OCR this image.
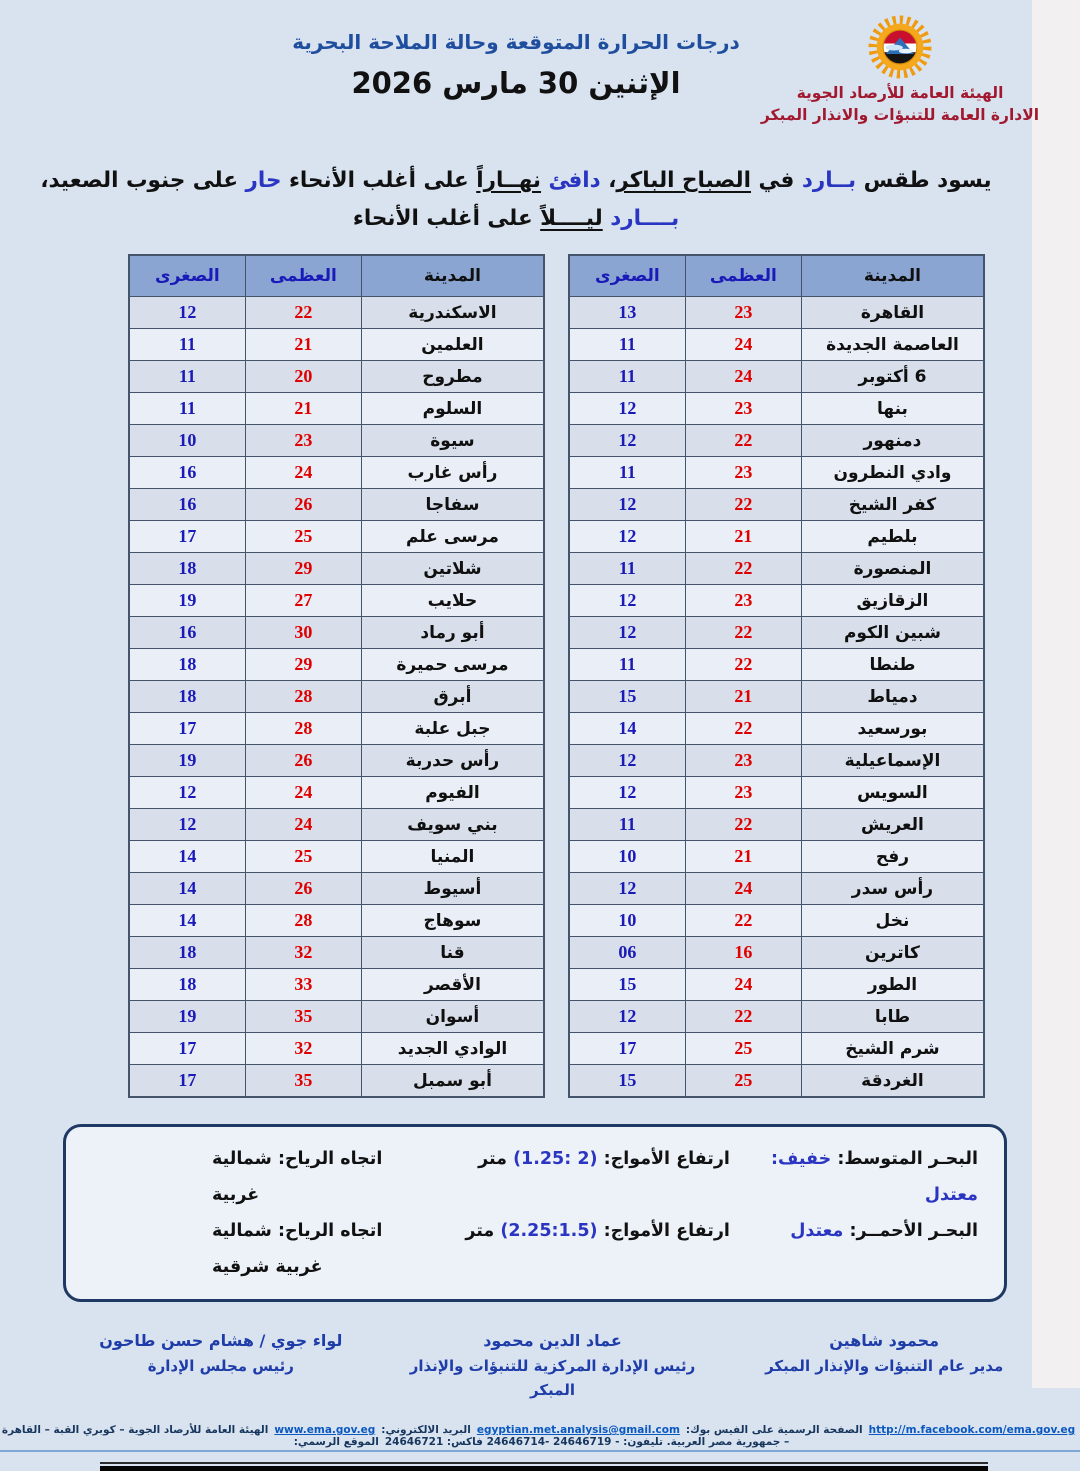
الهيئة العامة للأرصاد الجوية
الادارة العامة للتنبؤات والانذار المبكر
درجات الحرارة المتوقعة وحالة الملاحة البحرية
الإثنين 30 مارس 2026
يسود طقس بــارد في الصباح الباكر، دافئ نهــاراً على أغلب الأنحاء حار على جنوب الصعيد،
بــــارد ليــــلاً على أغلب الأنحاء
المدينة	العظمى	الصغرى
القاهرة	23	13
العاصمة الجديدة	24	11
6 أكتوبر	24	11
بنها	23	12
دمنهور	22	12
وادي النطرون	23	11
كفر الشيخ	22	12
بلطيم	21	12
المنصورة	22	11
الزقازيق	23	12
شبين الكوم	22	12
طنطا	22	11
دمياط	21	15
بورسعيد	22	14
الإسماعيلية	23	12
السويس	23	12
العريش	22	11
رفح	21	10
رأس سدر	24	12
نخل	22	10
كاترين	16	06
الطور	24	15
طابا	22	12
شرم الشيخ	25	17
الغردقة	25	15
المدينة	العظمى	الصغرى
الاسكندرية	22	12
العلمين	21	11
مطروح	20	11
السلوم	21	11
سيوة	23	10
رأس غارب	24	16
سفاجا	26	16
مرسى علم	25	17
شلاتين	29	18
حلايب	27	19
أبو رماد	30	16
مرسى حميرة	29	18
أبرق	28	18
جبل علبة	28	17
رأس حدربة	26	19
الفيوم	24	12
بني سويف	24	12
المنيا	25	14
أسيوط	26	14
سوهاج	28	14
قنا	32	18
الأقصر	33	18
أسوان	35	19
الوادي الجديد	32	17
أبو سمبل	35	17
البحـر المتوسط: خفيف: معتدل
ارتفاع الأمواج: (1.25: 2) متر
اتجاه الرياح: شمالية غربية
البحـر الأحمــر: معتدل
ارتفاع الأمواج: (2.25:1.5) متر
اتجاه الرياح: شمالية غربية شرقية
محمود شاهين
مدير عام التنبؤات والإنذار المبكر
عماد الدين محمود
رئيس الإدارة المركزية للتنبؤات والإنذار المبكر
لواء جوي / هشام حسن طاحون
رئيس مجلس الإدارة
http://m.facebook.com/ema.gov.egالصفحة الرسمية على الفيس بوك:egyptian.met.analysis@gmail.comالبريد الالكتروني:www.ema.gov.egالهيئة العامة للأرصاد الجوية – كوبري القبة – القاهرة – جمهورية مصر العربية. تليفون: - 24646719 -24646714 فاكس: 24646721الموقع الرسمي:
